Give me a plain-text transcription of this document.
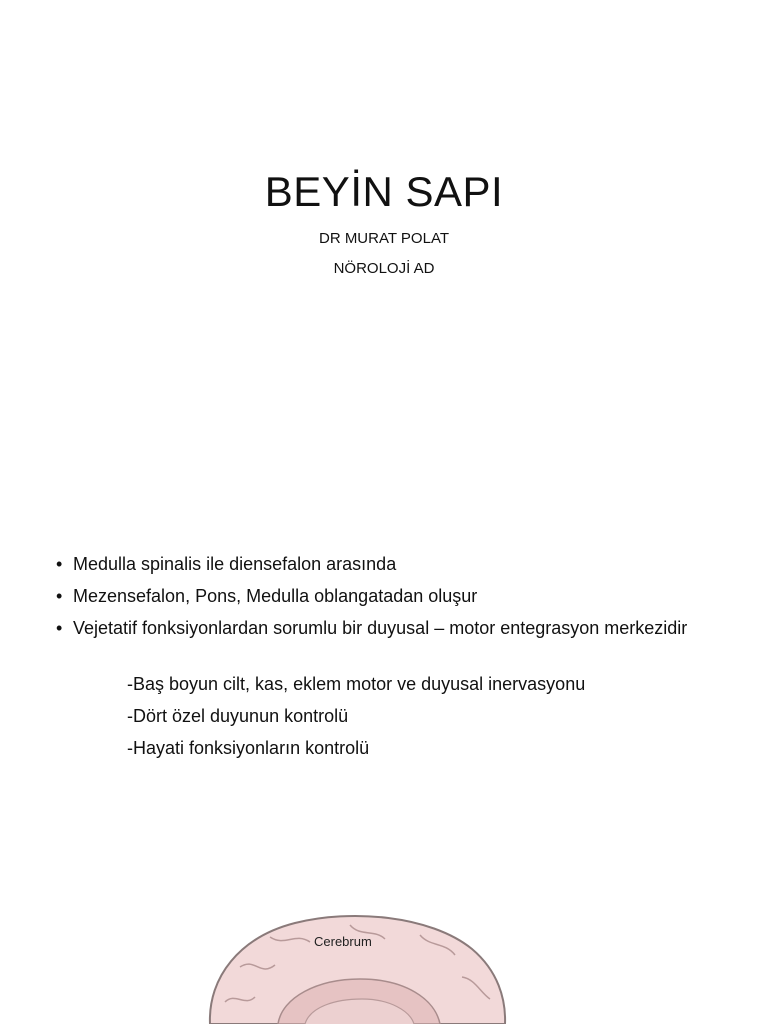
BEYİN SAPI
DR MURAT POLAT
NÖROLOJİ AD
• Medulla spinalis ile diensefalon arasında
• Mezensefalon, Pons, Medulla oblangatadan oluşur
• Vejetatif fonksiyonlardan sorumlu bir duyusal – motor entegrasyon merkezidir
-Baş boyun cilt, kas, eklem motor ve duyusal inervasyonu
-Dört özel duyunun kontrolü
-Hayati fonksiyonların kontrolü
Cerebrum
